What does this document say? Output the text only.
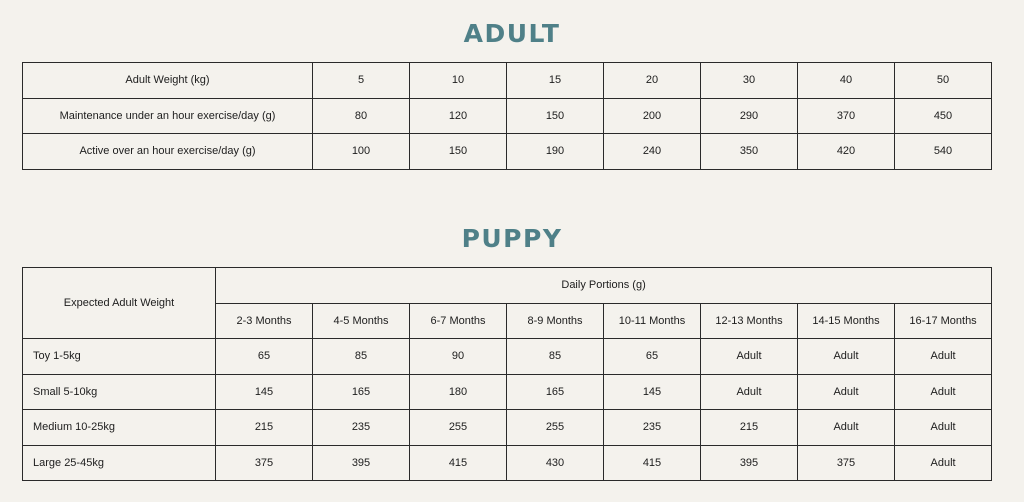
ADULT
Adult Weight (kg)	5	10	15	20	30	40	50
Maintenance under an hour exercise/day (g)	80	120	150	200	290	370	450
Active over an hour exercise/day (g)	100	150	190	240	350	420	540
PUPPY
Expected Adult Weight	Daily Portions (g)							
	2-3 Months	4-5 Months	6-7 Months	8-9 Months	10-11 Months	12-13 Months	14-15 Months	16-17 Months
Toy 1-5kg	65	85	90	85	65	Adult	Adult	Adult
Small 5-10kg	145	165	180	165	145	Adult	Adult	Adult
Medium 10-25kg	215	235	255	255	235	215	Adult	Adult
Large 25-45kg	375	395	415	430	415	395	375	Adult
